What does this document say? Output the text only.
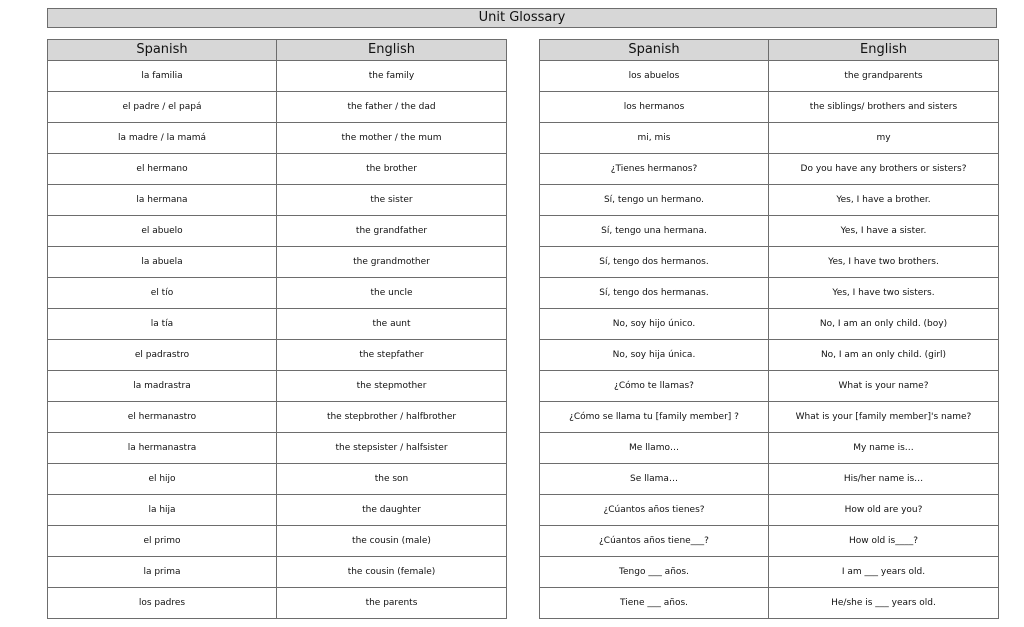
Unit Glossary
Spanish	English
la familia	the family
el padre / el papá	the father / the dad
la madre / la mamá	the mother / the mum
el hermano	the brother
la hermana	the sister
el abuelo	the grandfather
la abuela	the grandmother
el tío	the uncle
la tía	the aunt
el padrastro	the stepfather
la madrastra	the stepmother
el hermanastro	the stepbrother / halfbrother
la hermanastra	the stepsister / halfsister
el hijo	the son
la hija	the daughter
el primo	the cousin (male)
la prima	the cousin (female)
los padres	the parents
Spanish	English
los abuelos	the grandparents
los hermanos	the siblings/ brothers and sisters
mi, mis	my
¿Tienes hermanos?	Do you have any brothers or sisters?
Sí, tengo un hermano.	Yes, I have a brother.
Sí, tengo una hermana.	Yes, I have a sister.
Sí, tengo dos hermanos.	Yes, I have two brothers.
Sí, tengo dos hermanas.	Yes, I have two sisters.
No, soy hijo único.	No, I am an only child. (boy)
No, soy hija única.	No, I am an only child. (girl)
¿Cómo te llamas?	What is your name?
¿Cómo se llama tu [family member] ?	What is your [family member]'s name?
Me llamo…	My name is…
Se llama…	His/her name is…
¿Cúantos años tienes?	How old are you?
¿Cúantos años tiene___?	How old is____?
Tengo ___ años.	I am ___ years old.
Tiene ___ años.	He/she is ___ years old.
